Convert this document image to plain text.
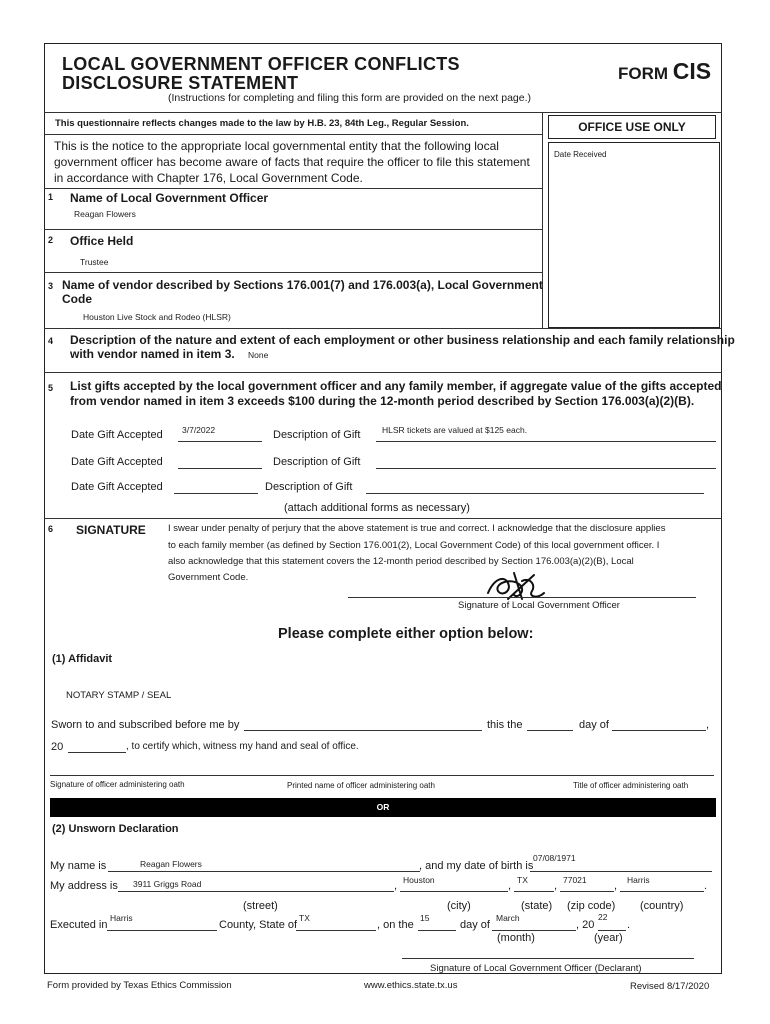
LOCAL GOVERNMENT OFFICER CONFLICTS
DISCLOSURE STATEMENT	FORM CIS
(Instructions for completing and filing this form are provided on the next page.)
This questionnaire reflects changes made to the law by H.B. 23, 84th Leg., Regular Session.	OFFICE USE ONLY
Date Received
This is the notice to the appropriate local governmental entity that the following local
government officer has become aware of facts that require the officer to file this statement
in accordance with Chapter 176, Local Government Code.
1 Name of Local Government Officer
Reagan Flowers
2 Office Held
Trustee
3 Name of vendor described by Sections 176.001(7) and 176.003(a), Local Government
Code
Houston Live Stock and Rodeo (HLSR)
4 Description of the nature and extent of each employment or other business relationship and each family relationship
with vendor named in item 3. None
5 List gifts accepted by the local government officer and any family member, if aggregate value of the gifts accepted
from vendor named in item 3 exceeds $100 during the 12-month period described by Section 176.003(a)(2)(B).
Date Gift Accepted 3/7/2022	Description of Gift	HLSR tickets are valued at $125 each.
Date Gift Accepted	Description of Gift
Date Gift Accepted	Description of Gift
(attach additional forms as necessary)
6 SIGNATURE I swear under penalty of perjury that the above statement is true and correct. I acknowledge that the disclosure applies
to each family member (as defined by Section 176.001(2), Local Government Code) of this local government officer. I
also acknowledge that this statement covers the 12-month period described by Section 176.003(a)(2)(B), Local
Government Code.
Signature of Local Government Officer
Please complete either option below:
(1) Affidavit
NOTARY STAMP / SEAL
Sworn to and subscribed before me by	this the	day of	,
20	, to certify which, witness my hand and seal of office.
Signature of officer administering oath	Printed name of officer administering oath	Title of officer administering oath
OR
(2) Unsworn Declaration
My name is	Reagan Flowers	, and my date of birth is
07/08/1971
My address is 3911 Griggs Road	, Houston	, TX , 77021 , Harris	.
(street)	(city)	(state) (zip code) (country)
Executed in
Harris
County, State of
TX
, on the
15
day of
March
, 20
22
.
(month)	(year)
Signature of Local Government Officer (Declarant)
Form provided by Texas Ethics Commission	www.ethics.state.tx.us	Revised 8/17/2020
